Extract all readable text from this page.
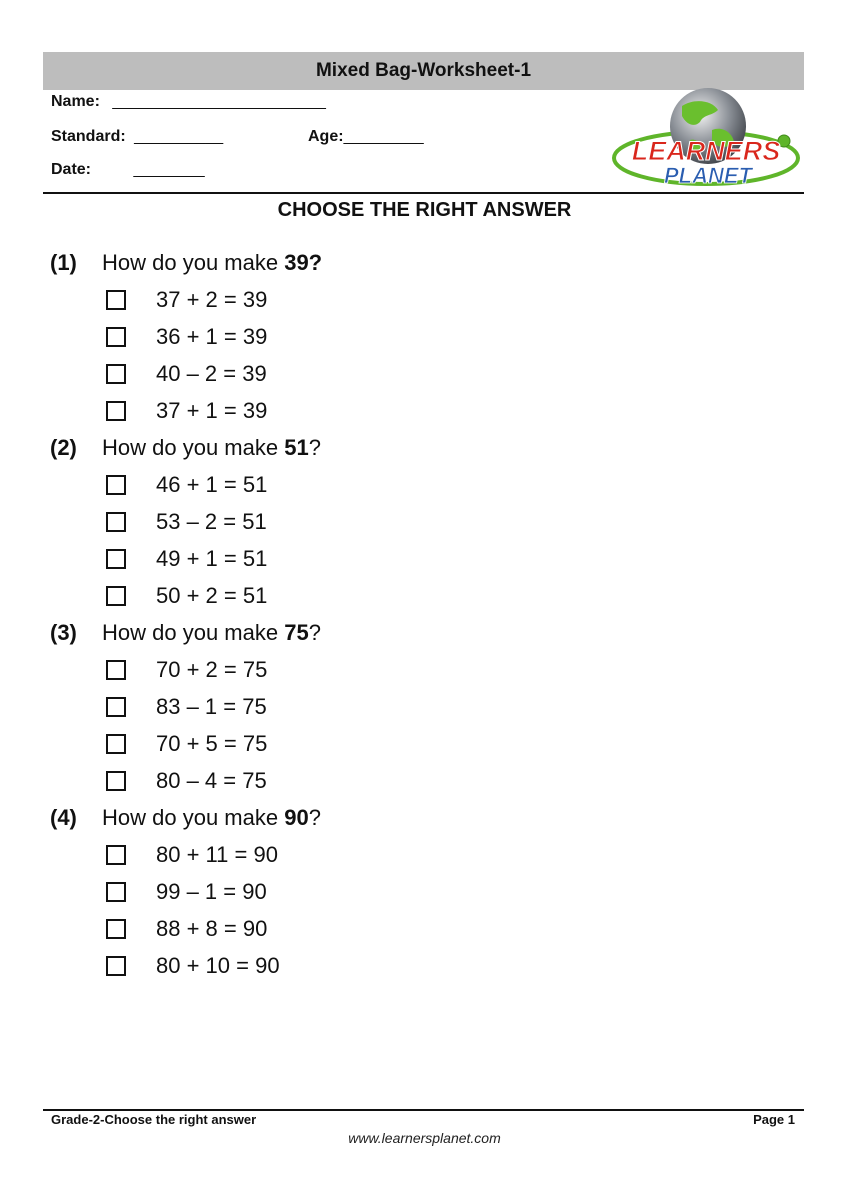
Mixed Bag-Worksheet-1
Name: ________________________
Standard: __________	Age:_________
Date:	________
LEARNERS
PLANET
CHOOSE THE RIGHT ANSWER
(1)	How do you make 39?
37 + 2 = 39
36 + 1 = 39
40 – 2 = 39
37 + 1 = 39
(2)	How do you make 51?
46 + 1 = 51
53 – 2 = 51
49 + 1 = 51
50 + 2 = 51
(3)	How do you make 75?
70 + 2 = 75
83 – 1 = 75
70 + 5 = 75
80 – 4 = 75
(4)	How do you make 90?
80 + 11 = 90
99 – 1 = 90
88 + 8 = 90
80 + 10 = 90
Grade-2-Choose the right answer	Page 1
www.learnersplanet.com
